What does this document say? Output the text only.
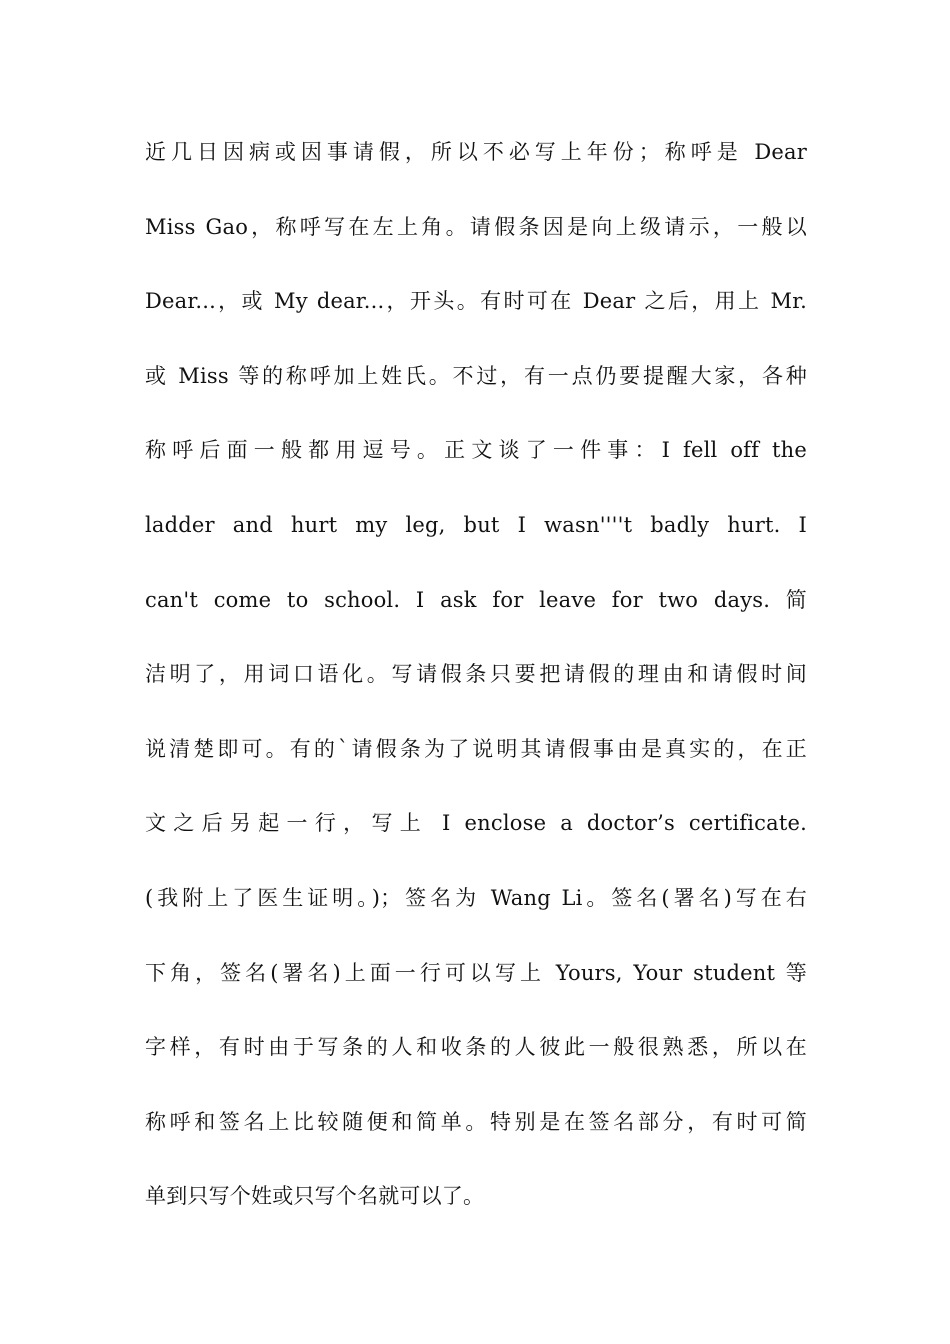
近几日因病或因事请假，所以不必写上年份；称呼是 Dear
Miss Gao，称呼写在左上角。请假条因是向上级请示，一般以
Dear...，或 My dear...，开头。有时可在 Dear 之后，用上 Mr.
或 Miss 等的称呼加上姓氏。不过，有一点仍要提醒大家，各种
称呼后面一般都用逗号。正文谈了一件事：I fell off the
ladder and hurt my leg, but I wasn''''t badly hurt. I
can't come to school. I ask for leave for two days. 简
洁明了，用词口语化。写请假条只要把请假的理由和请假时间
说清楚即可。有的`请假条为了说明其请假事由是真实的，在正
文之后另起一行，写上 I enclose a doctor’s certificate.
(我附上了医生证明。)；签名为 Wang Li。签名(署名)写在右
下角，签名(署名)上面一行可以写上 Yours, Your student 等
字样，有时由于写条的人和收条的人彼此一般很熟悉，所以在
称呼和签名上比较随便和简单。特别是在签名部分，有时可简
单到只写个姓或只写个名就可以了。
